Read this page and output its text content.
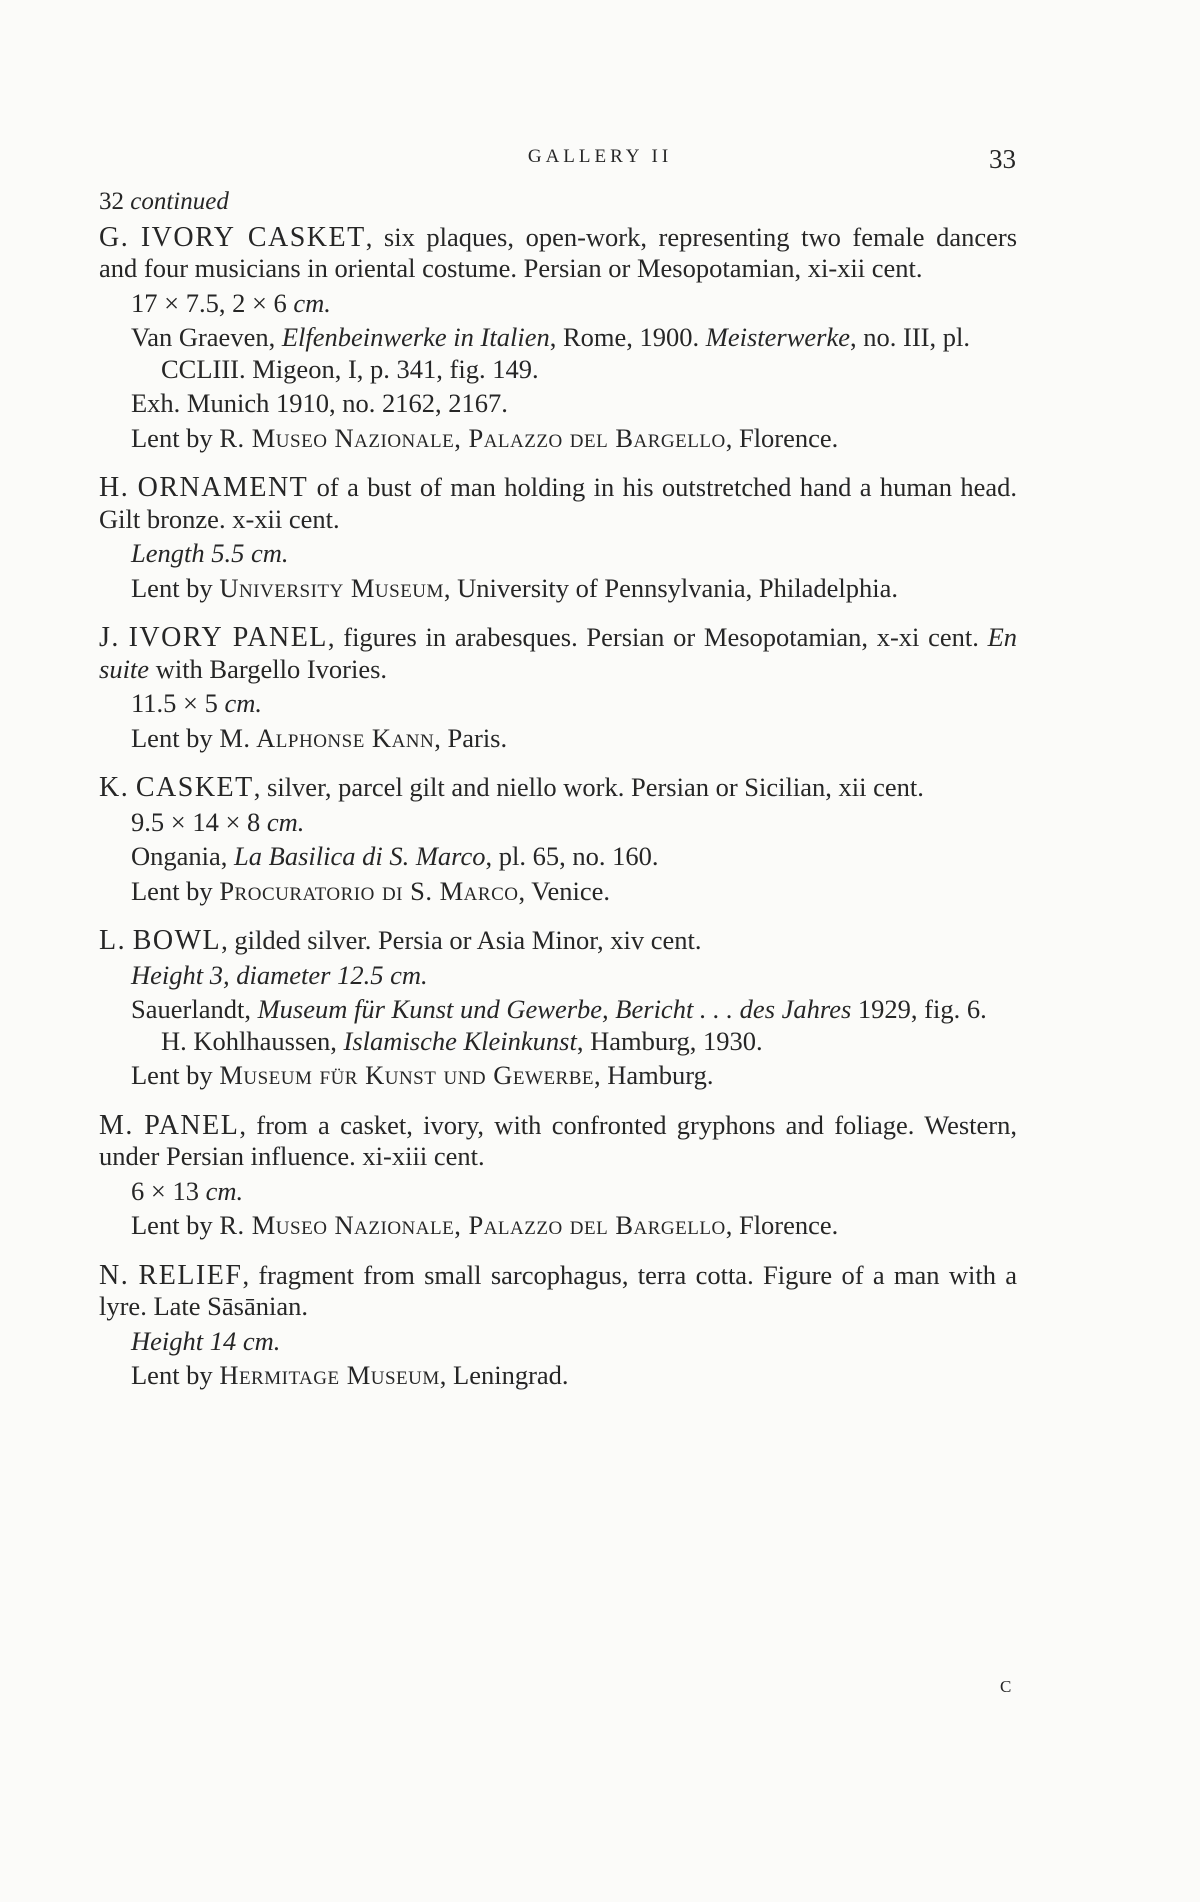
GALLERY II	33
32 continued
G. IVORY CASKET, six plaques, open-work, representing two female dancers and four musicians in oriental costume. Persian or Mesopotamian, xi-xii cent.
17 × 7.5, 2 × 6 cm.
Van Graeven, Elfenbeinwerke in Italien, Rome, 1900. Meisterwerke, no. III, pl. CCLIII. Migeon, I, p. 341, fig. 149.
Exh. Munich 1910, no. 2162, 2167.
Lent by R. Museo Nazionale, Palazzo del Bargello, Florence.
H. ORNAMENT of a bust of man holding in his outstretched hand a human head. Gilt bronze. x-xii cent.
Length 5.5 cm.
Lent by University Museum, University of Pennsylvania, Philadelphia.
J. IVORY PANEL, figures in arabesques. Persian or Mesopotamian, x-xi cent. En suite with Bargello Ivories.
11.5 × 5 cm.
Lent by M. Alphonse Kann, Paris.
K. CASKET, silver, parcel gilt and niello work. Persian or Sicilian, xii cent.
9.5 × 14 × 8 cm.
Ongania, La Basilica di S. Marco, pl. 65, no. 160.
Lent by Procuratorio di S. Marco, Venice.
L. BOWL, gilded silver. Persia or Asia Minor, xiv cent.
Height 3, diameter 12.5 cm.
Sauerlandt, Museum für Kunst und Gewerbe, Bericht . . . des Jahres 1929, fig. 6. H. Kohlhaussen, Islamische Kleinkunst, Hamburg, 1930.
Lent by Museum für Kunst und Gewerbe, Hamburg.
M. PANEL, from a casket, ivory, with confronted gryphons and foliage. Western, under Persian influence. xi-xiii cent.
6 × 13 cm.
Lent by R. Museo Nazionale, Palazzo del Bargello, Florence.
N. RELIEF, fragment from small sarcophagus, terra cotta. Figure of a man with a lyre. Late Sāsānian.
Height 14 cm.
Lent by Hermitage Museum, Leningrad.
c
